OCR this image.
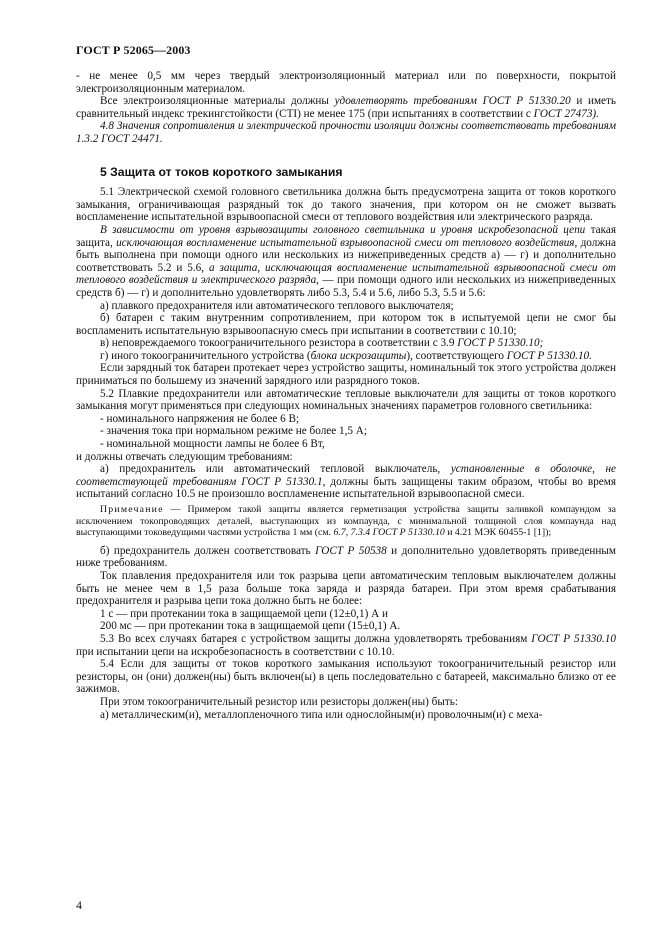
ГОСТ Р 52065—2003

- не менее 0,5 мм через твердый электроизоляционный материал или по поверхности, покрытой электроизоляционным материалом.

Все электроизоляционные материалы должны удовлетворять требованиям ГОСТ Р 51330.20 и иметь сравнительный индекс трекингстойкости (СТI) не менее 175 (при испытаниях в соответствии с ГОСТ 27473).

4.8 Значения сопротивления и электрической прочности изоляции должны соответствовать требованиям 1.3.2 ГОСТ 24471.

5 Защита от токов короткого замыкания

5.1 Электрической схемой головного светильника должна быть предусмотрена защита от токов короткого замыкания, ограничивающая разрядный ток до такого значения, при котором он не сможет вызвать воспламенение испытательной взрывоопасной смеси от теплового воздействия или электрического разряда.

В зависимости от уровня взрывозащиты головного светильника и уровня искробезопасной цепи такая защита, исключающая воспламенение испытательной взрывоопасной смеси от теплового воздействия, должна быть выполнена при помощи одного или нескольких из нижеприведенных средств а) — г) и дополнительно соответствовать 5.2 и 5.6, а защита, исключающая воспламенение испытательной взрывоопасной смеси от теплового воздействия и электрического разряда, — при помощи одного или нескольких из нижеприведенных средств б) — г) и дополнительно удовлетворять либо 5.3, 5.4 и 5.6, либо 5.3, 5.5 и 5.6:

а) плавкого предохранителя или автоматического теплового выключателя;

б) батареи с таким внутренним сопротивлением, при котором ток в испытуемой цепи не смог бы воспламенить испытательную взрывоопасную смесь при испытании в соответствии с 10.10;

в) неповреждаемого токоограничительного резистора в соответствии с 3.9 ГОСТ Р 51330.10;

г) иного токоограничительного устройства (блока искрозащиты), соответствующего ГОСТ Р 51330.10.

Если зарядный ток батареи протекает через устройство защиты, номинальный ток этого устройства должен приниматься по большему из значений зарядного или разрядного токов.

5.2 Плавкие предохранители или автоматические тепловые выключатели для защиты от токов короткого замыкания могут применяться при следующих номинальных значениях параметров головного светильника:

- номинального напряжения не более 6 В;

- значения тока при нормальном режиме не более 1,5 А;

- номинальной мощности лампы не более 6 Вт,

и должны отвечать следующим требованиям:

а) предохранитель или автоматический тепловой выключатель, установленные в оболочке, не соответствующей требованиям ГОСТ Р 51330.1, должны быть защищены таким образом, чтобы во время испытаний согласно 10.5 не произошло воспламенение испытательной взрывоопасной смеси.

Примечание — Примером такой защиты является герметизация устройства защиты заливкой компаундом за исключением токопроводящих деталей, выступающих из компаунда, с минимальной толщиной слоя компаунда над выступающими токоведущими частями устройства 1 мм (см. 6.7, 7.3.4 ГОСТ Р 51330.10 и 4.21 МЭК 60455-1 [1]);

б) предохранитель должен соответствовать ГОСТ Р 50538 и дополнительно удовлетворять приведенным ниже требованиям.

Ток плавления предохранителя или ток разрыва цепи автоматическим тепловым выключателем должны быть не менее чем в 1,5 раза больше тока заряда и разряда батареи. При этом время срабатывания предохранителя и разрыва цепи тока должно быть не более:

1 с — при протекании тока в защищаемой цепи (12±0,1) А и

200 мс — при протекании тока в защищаемой цепи (15±0,1) А.

5.3 Во всех случаях батарея с устройством защиты должна удовлетворять требованиям ГОСТ Р 51330.10 при испытании цепи на искробезопасность в соответствии с 10.10.

5.4 Если для защиты от токов короткого замыкания используют токоограничительный резистор или резисторы, он (они) должен(ны) быть включен(ы) в цепь последовательно с батареей, максимально близко от ее зажимов.

При этом токоограничительный резистор или резисторы должен(ны) быть:

а) металлическим(и), металлопленочного типа или однослойным(и) проволочным(и) с меха-

4
